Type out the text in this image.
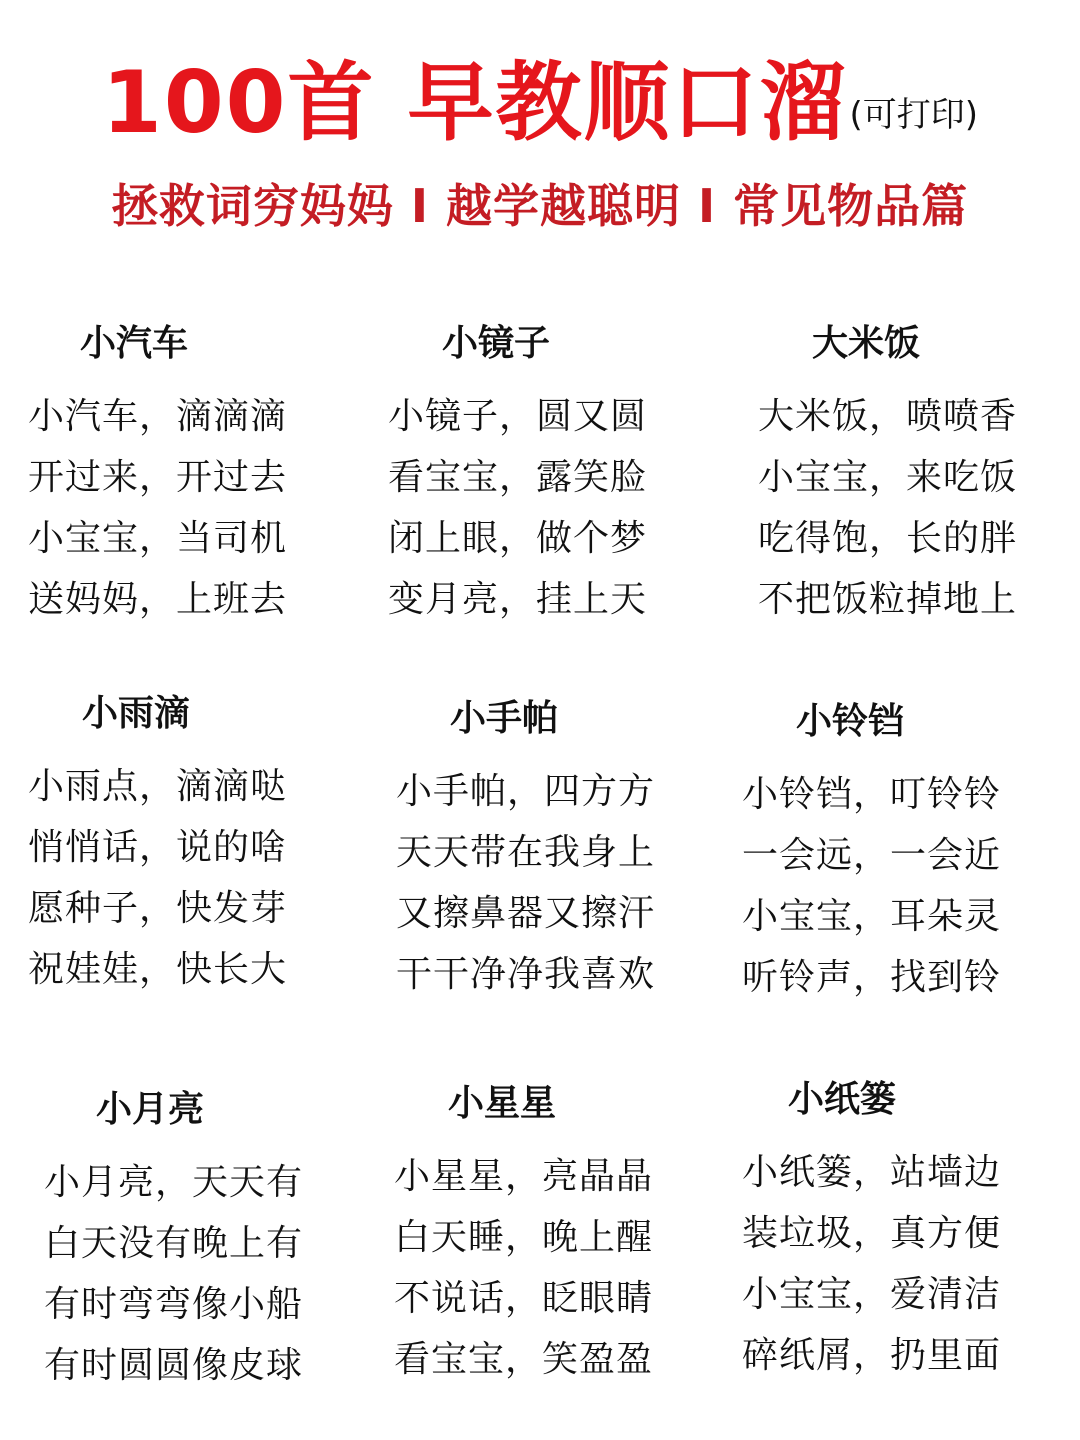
100首 早教顺口溜(可打印)
拯救词穷妈妈 I 越学越聪明 I 常见物品篇
小汽车
小汽车，滴滴滴
开过来，开过去
小宝宝，当司机
送妈妈，上班去
小镜子
小镜子，圆又圆
看宝宝，露笑脸
闭上眼，做个梦
变月亮，挂上天
大米饭
大米饭，喷喷香
小宝宝，来吃饭
吃得饱，长的胖
不把饭粒掉地上
小雨滴
小雨点，滴滴哒
悄悄话，说的啥
愿种子，快发芽
祝娃娃，快长大
小手帕
小手帕，四方方
天天带在我身上
又擦鼻器又擦汗
干干净净我喜欢
小铃铛
小铃铛，叮铃铃
一会远，一会近
小宝宝，耳朵灵
听铃声，找到铃
小月亮
小月亮，天天有
白天没有晚上有
有时弯弯像小船
有时圆圆像皮球
小星星
小星星，亮晶晶
白天睡，晚上醒
不说话，眨眼睛
看宝宝，笑盈盈
小纸篓
小纸篓，站墙边
装垃圾，真方便
小宝宝，爱清洁
碎纸屑，扔里面
